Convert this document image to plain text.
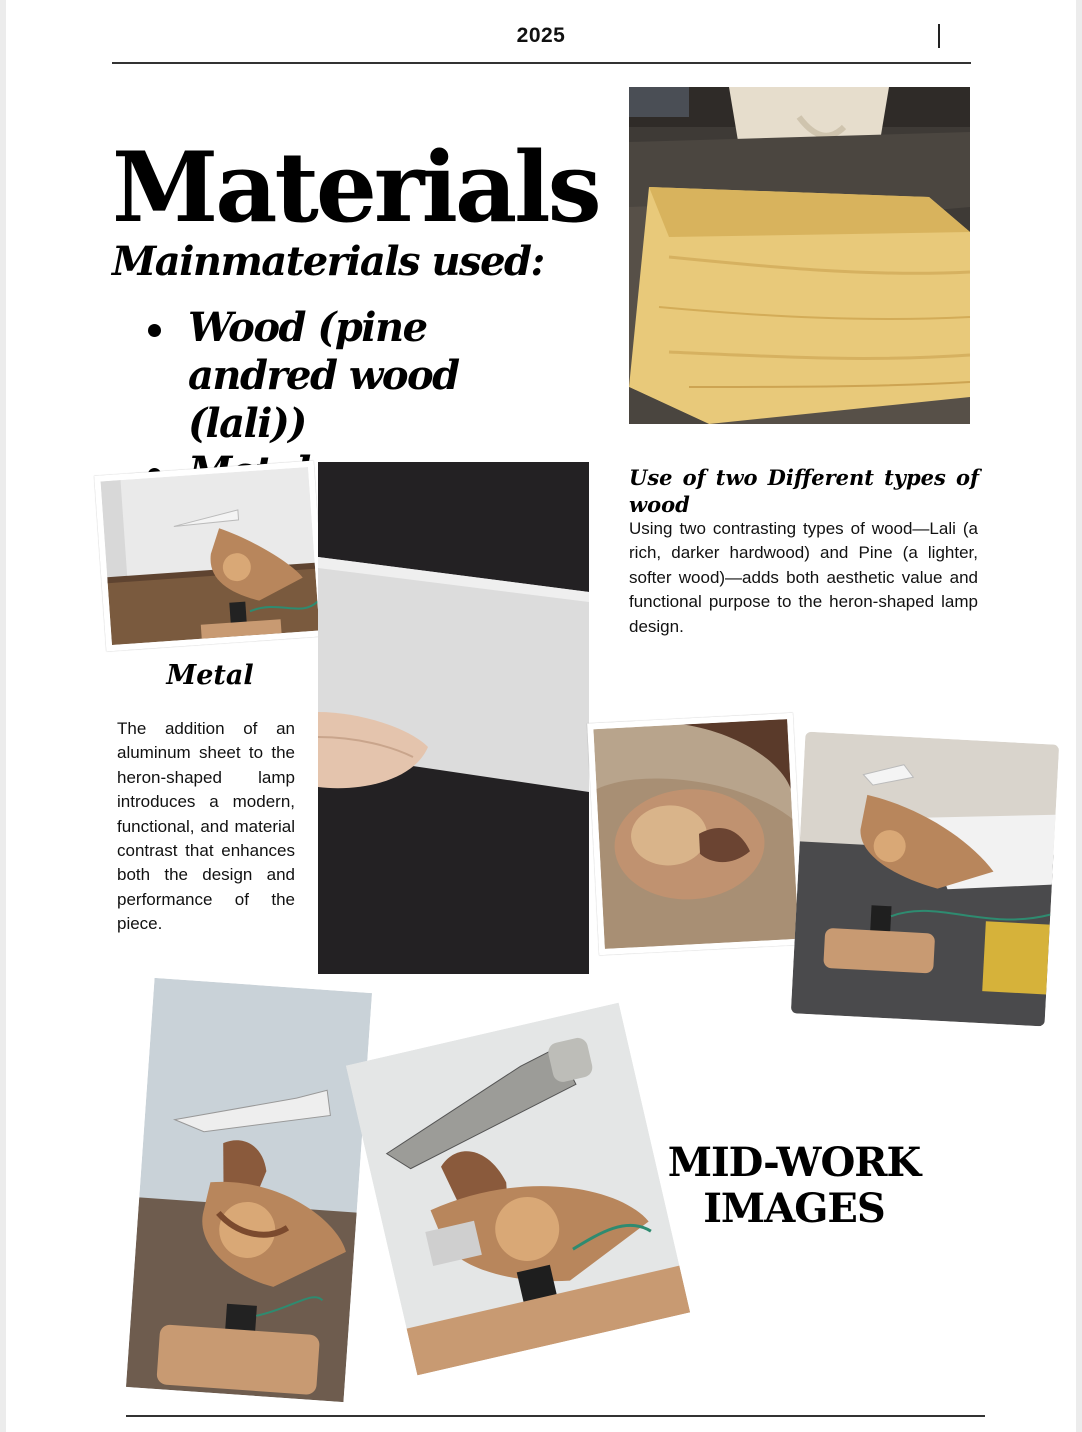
2025
Materials
Mainmaterials used:
Wood (pine andred wood (lali))
Use of two Different types of
wood

Using two contrasting types of wood—Lali (a rich, darker hardwood) and Pine (a lighter, softer wood)—adds both aesthetic value and functional purpose to the heron-shaped lamp design.

Metal

The addition of an aluminum sheet to the heron-shaped lamp introduces a modern, functional, and material contrast that enhances both the design and performance of the piece.

MID-WORK
IMAGES
